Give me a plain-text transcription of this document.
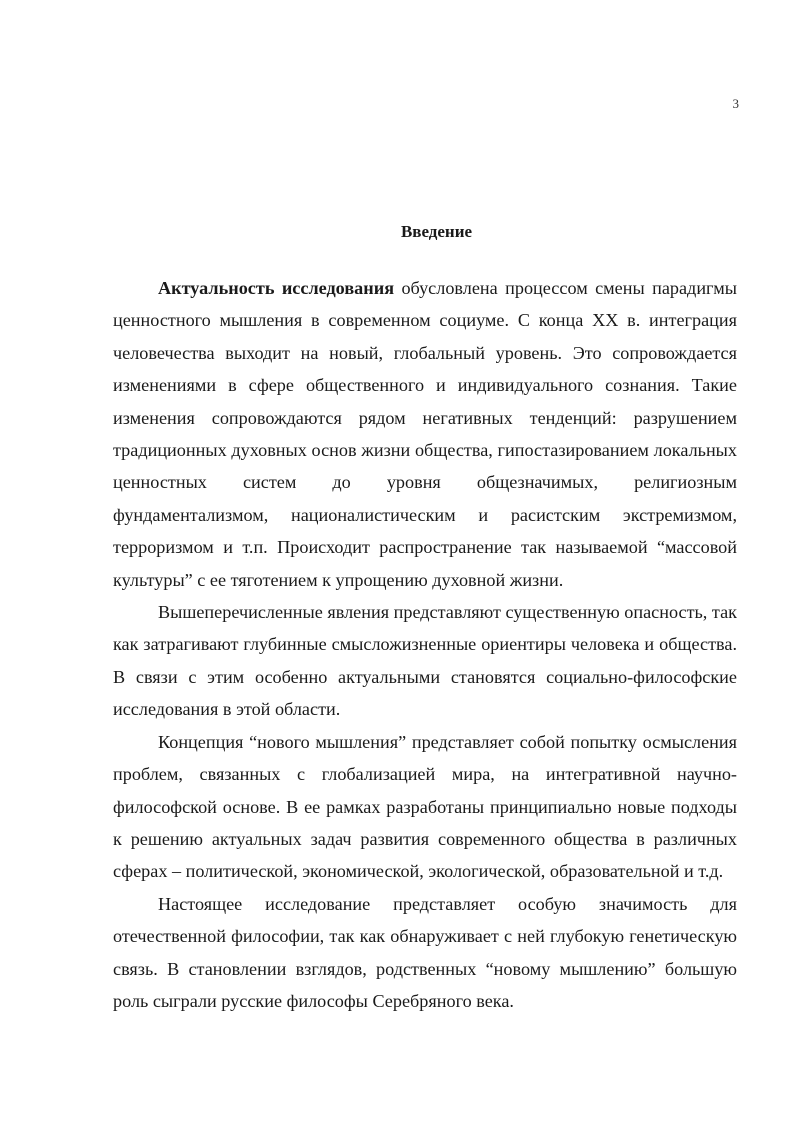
3
Введение

Актуальность исследования обусловлена процессом смены парадигмы ценностного мышления в современном социуме. С конца XX в. интеграция человечества выходит на новый, глобальный уровень. Это сопровождается изменениями в сфере общественного и индивидуального сознания. Такие изменения сопровождаются рядом негативных тенденций: разрушением традиционных духовных основ жизни общества, гипостазированием локальных ценностных систем до уровня общезначимых, религиозным фундаментализмом, националистическим и расистским экстремизмом, терроризмом и т.п. Происходит распространение так называемой “массовой культуры” с ее тяготением к упрощению духовной жизни.

Вышеперечисленные явления представляют существенную опасность, так как затрагивают глубинные смысложизненные ориентиры человека и общества. В связи с этим особенно актуальными становятся социально-философские исследования в этой области.

Концепция “нового мышления” представляет собой попытку осмысления проблем, связанных с глобализацией мира, на интегративной научно-философской основе. В ее рамках разработаны принципиально новые подходы к решению актуальных задач развития современного общества в различных сферах – политической, экономической, экологической, образовательной и т.д.

Настоящее исследование представляет особую значимость для отечественной философии, так как обнаруживает с ней глубокую генетическую связь. В становлении взглядов, родственных “новому мышлению” большую роль сыграли русские философы Серебряного века.
